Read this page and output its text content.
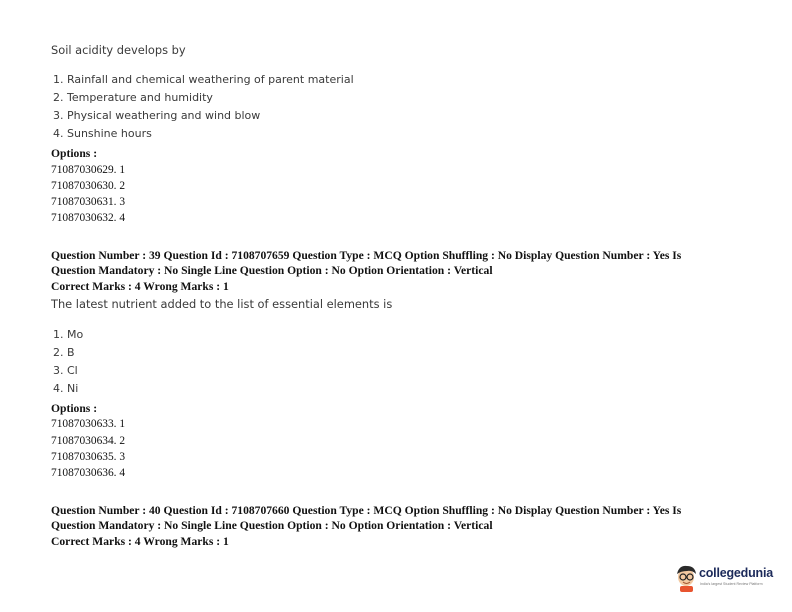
Soil acidity develops by
1. Rainfall and chemical weathering of parent material
2. Temperature and humidity
3. Physical weathering and wind blow
4. Sunshine hours
Options :
71087030629. 1
71087030630. 2
71087030631. 3
71087030632. 4
Question Number : 39 Question Id : 7108707659 Question Type : MCQ Option Shuffling : No Display Question Number : Yes Is
Question Mandatory : No Single Line Question Option : No Option Orientation : Vertical
Correct Marks : 4 Wrong Marks : 1
The latest nutrient added to the list of essential elements is
1. Mo
2. B
3. Cl
4. Ni
Options :
71087030633. 1
71087030634. 2
71087030635. 3
71087030636. 4
Question Number : 40 Question Id : 7108707660 Question Type : MCQ Option Shuffling : No Display Question Number : Yes Is
Question Mandatory : No Single Line Question Option : No Option Orientation : Vertical
Correct Marks : 4 Wrong Marks : 1
collegedunia
India's largest Student Review Platform
